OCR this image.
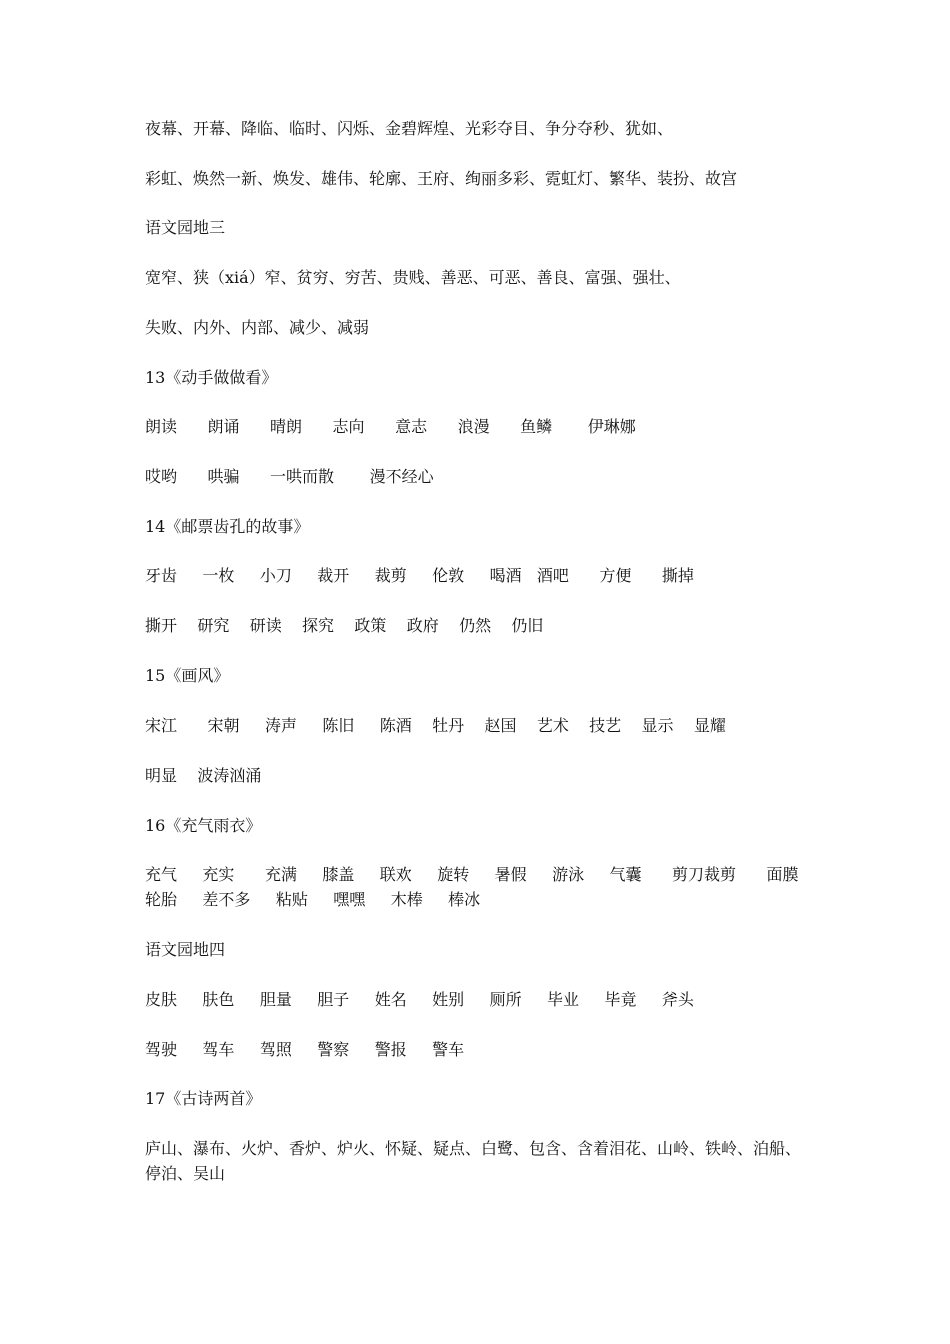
夜幕、开幕、降临、临时、闪烁、金碧辉煌、光彩夺目、争分夺秒、犹如、
彩虹、焕然一新、焕发、雄伟、轮廓、王府、绚丽多彩、霓虹灯、繁华、装扮、故宫
语文园地三
宽窄、狭（xiá）窄、贫穷、穷苦、贵贱、善恶、可恶、善良、富强、强壮、
失败、内外、内部、减少、减弱
13《动手做做看》
朗读      朗诵      晴朗      志向      意志      浪漫      鱼鳞       伊琳娜
哎哟      哄骗      一哄而散       漫不经心
14《邮票齿孔的故事》
牙齿     一枚     小刀     裁开     裁剪     伦敦     喝酒   酒吧      方便      撕掉
撕开    研究    研读    探究    政策    政府    仍然    仍旧
15《画风》
宋江      宋朝     涛声     陈旧     陈酒    牡丹    赵国    艺术    技艺    显示    显耀
明显    波涛汹涌
16《充气雨衣》
充气     充实      充满     膝盖     联欢     旋转     暑假     游泳     气囊      剪刀裁剪      面膜
轮胎     差不多     粘贴     嘿嘿     木棒     棒冰
语文园地四
皮肤     肤色     胆量     胆子     姓名     姓别     厕所     毕业     毕竟     斧头
驾驶     驾车     驾照     警察     警报     警车
17《古诗两首》
庐山、瀑布、火炉、香炉、炉火、怀疑、疑点、白鹭、包含、含着泪花、山岭、铁岭、泊船、
停泊、吴山
